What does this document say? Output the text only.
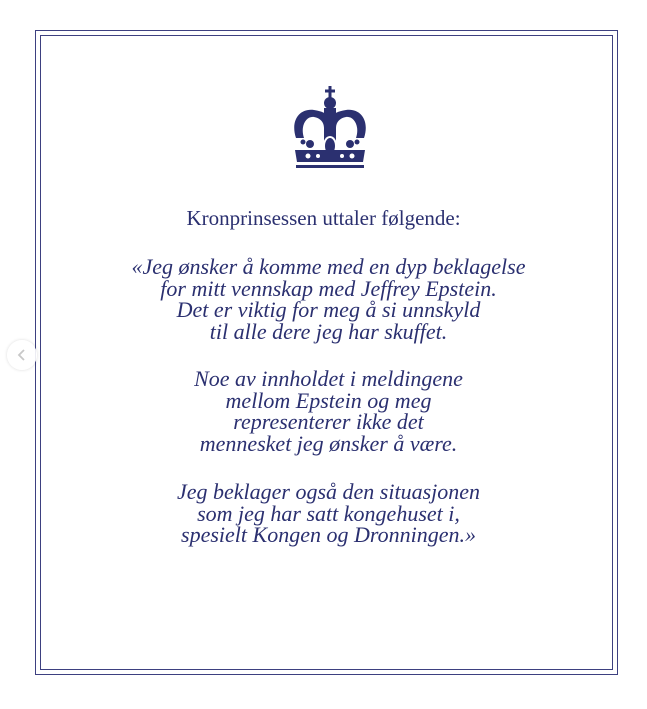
Kronprinsessen uttaler følgende:
«Jeg ønsker å komme med en dyp beklagelse
for mitt vennskap med Jeffrey Epstein.
Det er viktig for meg å si unnskyld
til alle dere jeg har skuffet.
Noe av innholdet i meldingene
mellom Epstein og meg
representerer ikke det
mennesket jeg ønsker å være.
Jeg beklager også den situasjonen
som jeg har satt kongehuset i,
spesielt Kongen og Dronningen.»
